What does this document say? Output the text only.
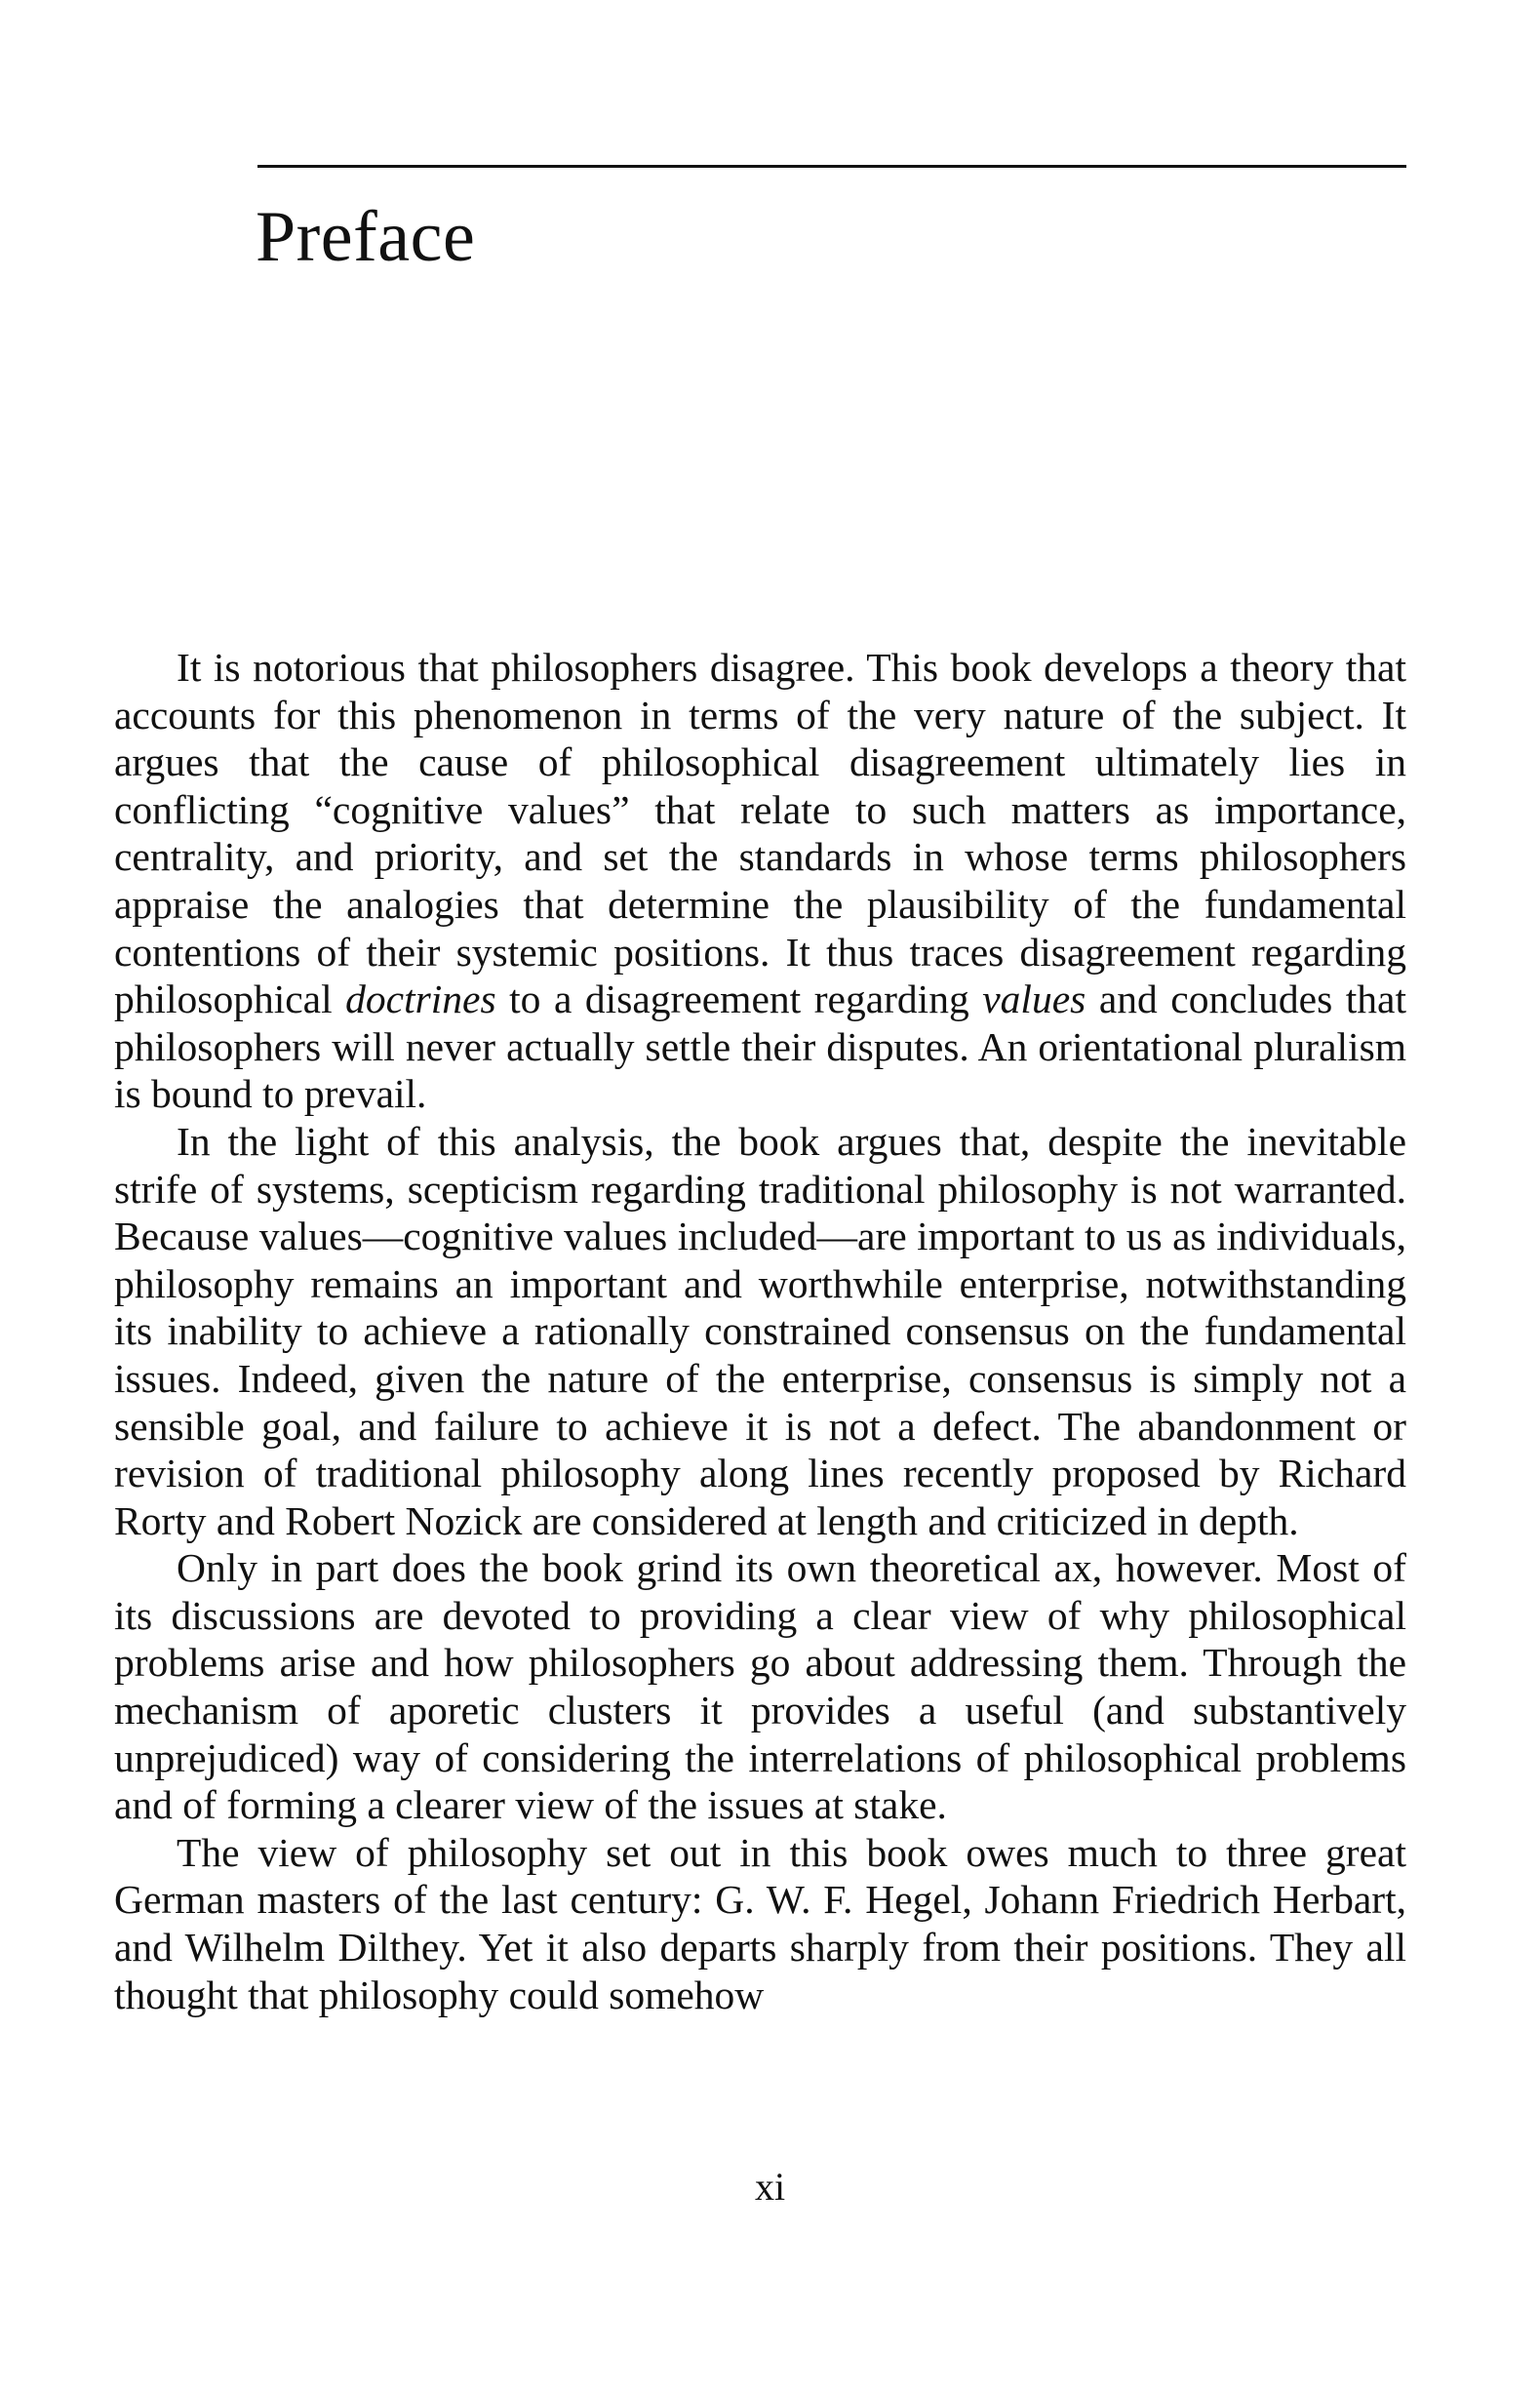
Preface

It is notorious that philosophers disagree. This book develops a theory that accounts for this phenomenon in terms of the very nature of the subject. It argues that the cause of philosophical disagreement ultimately lies in conflicting “cognitive values” that relate to such matters as importance, centrality, and priority, and set the standards in whose terms philosophers appraise the analogies that determine the plausibility of the fundamental contentions of their systemic positions. It thus traces disagreement regarding philosophical doctrines to a disagreement regarding values and concludes that philosophers will never actually settle their disputes. An orientational pluralism is bound to prevail.

In the light of this analysis, the book argues that, despite the inevitable strife of systems, scepticism regarding traditional philosophy is not warranted. Because values—cognitive values included—are important to us as individuals, philosophy remains an important and worthwhile enterprise, notwithstanding its inability to achieve a rationally constrained consensus on the fundamental issues. Indeed, given the nature of the enterprise, consensus is simply not a sensible goal, and failure to achieve it is not a defect. The abandonment or revision of traditional philosophy along lines recently proposed by Richard Rorty and Robert Nozick are considered at length and criticized in depth.

Only in part does the book grind its own theoretical ax, however. Most of its discussions are devoted to providing a clear view of why philosophical problems arise and how philosophers go about addressing them. Through the mechanism of aporetic clusters it provides a useful (and substantively unprejudiced) way of considering the interrelations of philosophical problems and of forming a clearer view of the issues at stake.

The view of philosophy set out in this book owes much to three great German masters of the last century: G. W. F. Hegel, Johann Friedrich Herbart, and Wilhelm Dilthey. Yet it also departs sharply from their positions. They all thought that philosophy could somehow

xi
